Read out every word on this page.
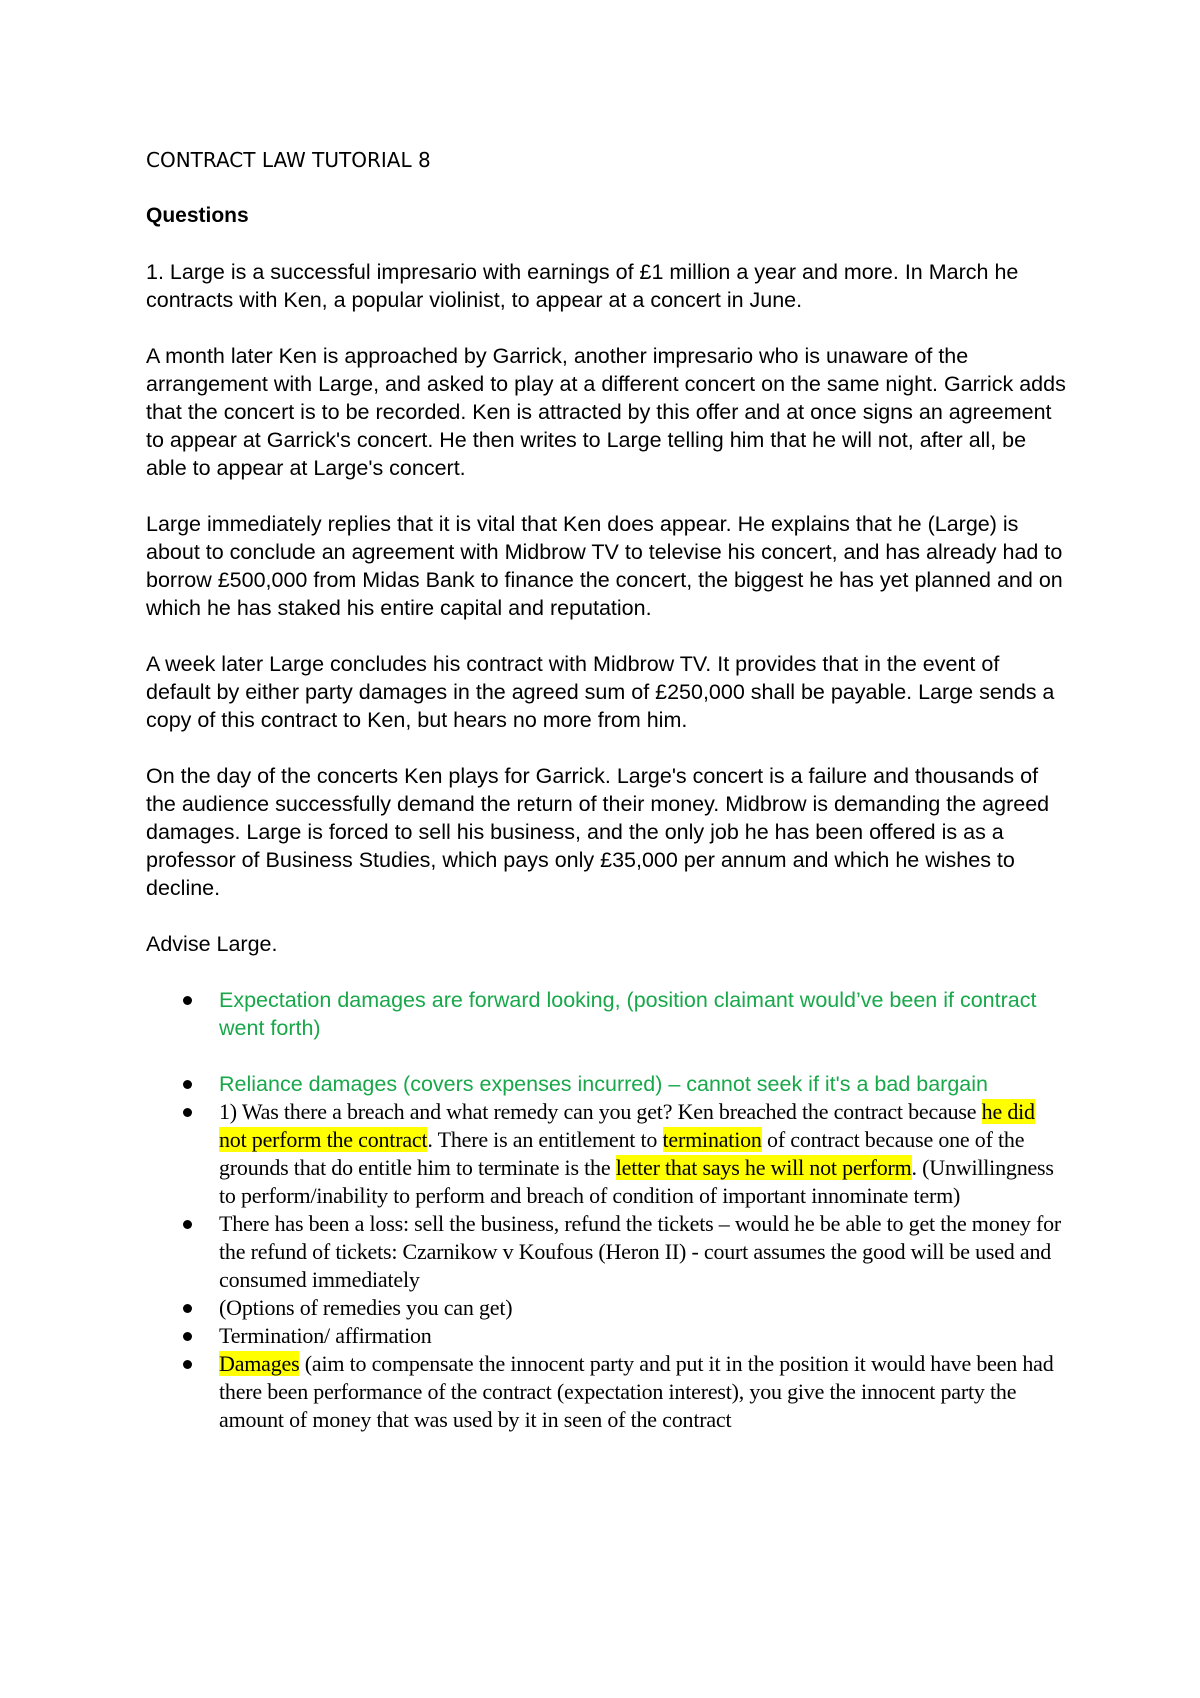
CONTRACT LAW TUTORIAL 8
Questions

1. Large is a successful impresario with earnings of £1 million a year and more. In March he contracts with Ken, a popular violinist, to appear at a concert in June.

A month later Ken is approached by Garrick, another impresario who is unaware of the arrangement with Large, and asked to play at a different concert on the same night. Garrick adds that the concert is to be recorded. Ken is attracted by this offer and at once signs an agreement to appear at Garrick's concert. He then writes to Large telling him that he will not, after all, be able to appear at Large's concert.

Large immediately replies that it is vital that Ken does appear. He explains that he (Large) is about to conclude an agreement with Midbrow TV to televise his concert, and has already had to borrow £500,000 from Midas Bank to finance the concert, the biggest he has yet planned and on which he has staked his entire capital and reputation.

A week later Large concludes his contract with Midbrow TV. It provides that in the event of default by either party damages in the agreed sum of £250,000 shall be payable. Large sends a copy of this contract to Ken, but hears no more from him.

On the day of the concerts Ken plays for Garrick. Large's concert is a failure and thousands of the audience successfully demand the return of their money. Midbrow is demanding the agreed damages. Large is forced to sell his business, and the only job he has been offered is as a professor of Business Studies, which pays only £35,000 per annum and which he wishes to decline.

Advise Large.

Expectation damages are forward looking, (position claimant would’ve been if contract went forth)
Reliance damages (covers expenses incurred) – cannot seek if it's a bad bargain
1) Was there a breach and what remedy can you get? Ken breached the contract because he did not perform the contract. There is an entitlement to termination of contract because one of the grounds that do entitle him to terminate is the letter that says he will not perform. (Unwillingness to perform/inability to perform and breach of condition of important innominate term)
There has been a loss: sell the business, refund the tickets – would he be able to get the money for the refund of tickets: Czarnikow v Koufous (Heron II) - court assumes the good will be used and consumed immediately
(Options of remedies you can get)
Termination/ affirmation
Damages (aim to compensate the innocent party and put it in the position it would have been had there been performance of the contract (expectation interest), you give the innocent party the amount of money that was used by it in seen of the contract
